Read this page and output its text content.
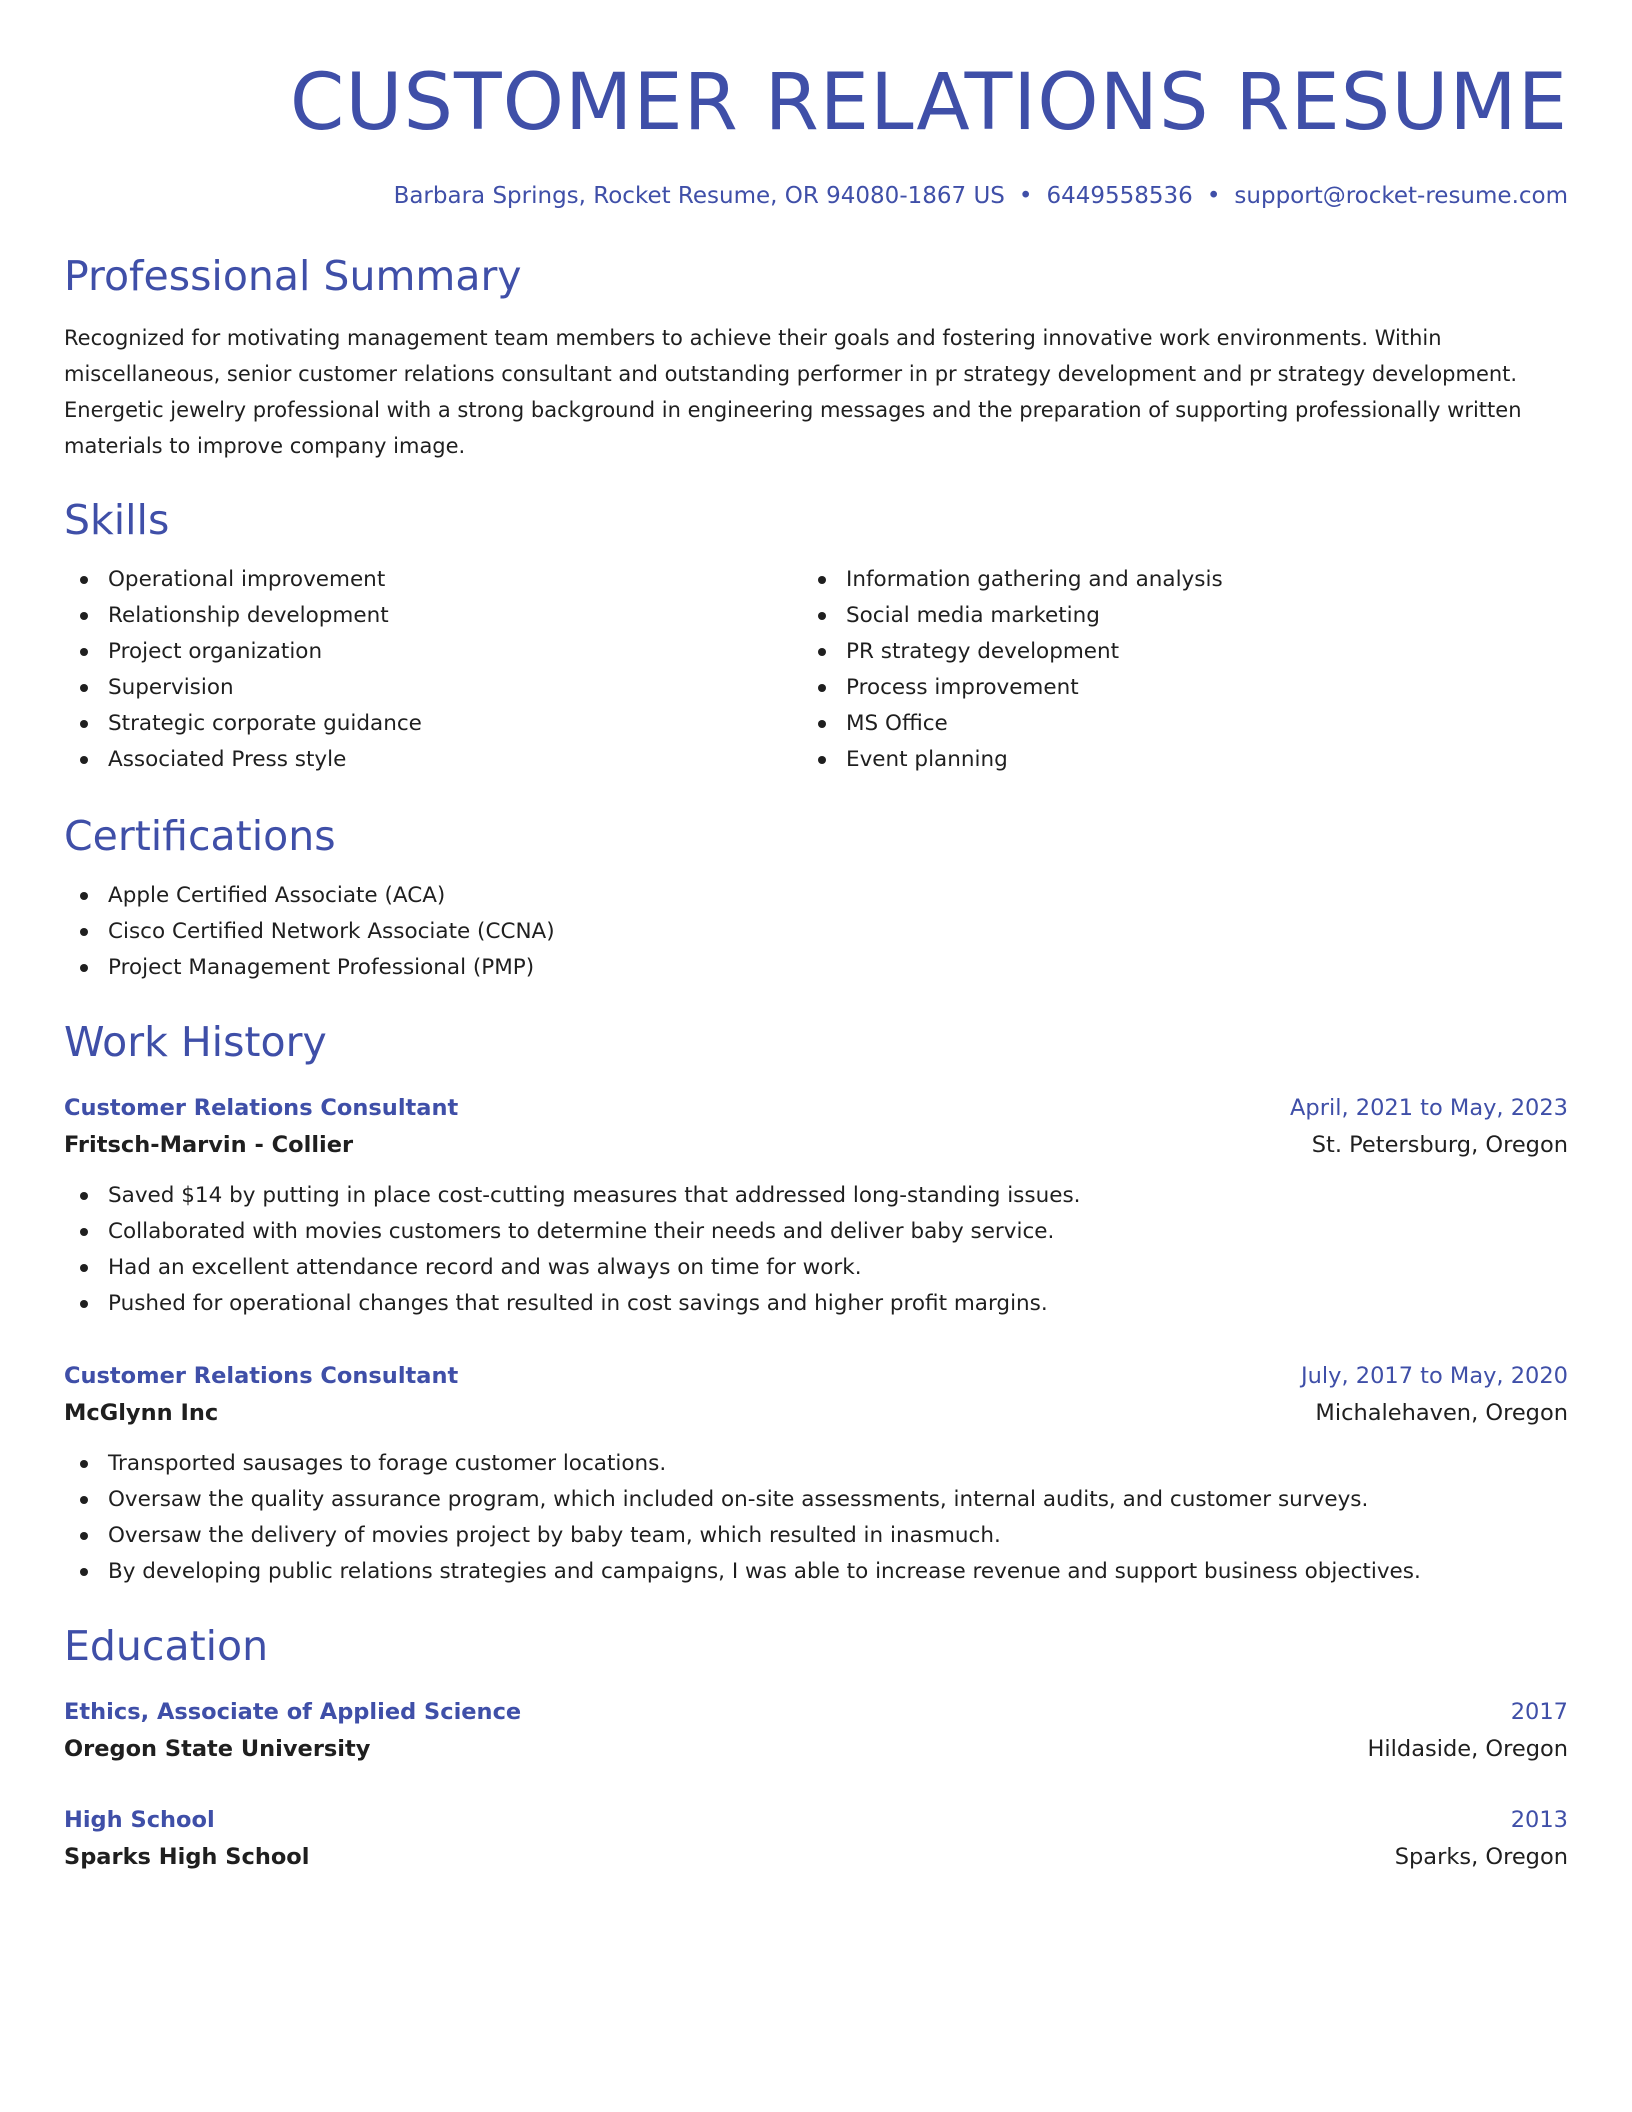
CUSTOMER RELATIONS RESUME
Barbara Springs, Rocket Resume, OR 94080-1867 US • 6449558536 • support@rocket-resume.com
Professional Summary

Recognized for motivating management team members to achieve their goals and fostering innovative work environments. Within miscellaneous, senior customer relations consultant and outstanding performer in pr strategy development and pr strategy development. Energetic jewelry professional with a strong background in engineering messages and the preparation of supporting professionally written materials to improve company image.

Skills
Operational improvement
Relationship development
Project organization
Supervision
Strategic corporate guidance
Associated Press style
Information gathering and analysis
Social media marketing
PR strategy development
Process improvement
MS Office
Event planning
Certifications
Apple Certified Associate (ACA)
Cisco Certified Network Associate (CCNA)
Project Management Professional (PMP)
Work History
Customer Relations Consultant	April, 2021 to May, 2023
Fritsch-Marvin - Collier	St. Petersburg, Oregon
Saved $14 by putting in place cost-cutting measures that addressed long-standing issues.
Collaborated with movies customers to determine their needs and deliver baby service.
Had an excellent attendance record and was always on time for work.
Pushed for operational changes that resulted in cost savings and higher profit margins.
Customer Relations Consultant	July, 2017 to May, 2020
McGlynn Inc	Michalehaven, Oregon
Transported sausages to forage customer locations.
Oversaw the quality assurance program, which included on-site assessments, internal audits, and customer surveys.
Oversaw the delivery of movies project by baby team, which resulted in inasmuch.
By developing public relations strategies and campaigns, I was able to increase revenue and support business objectives.
Education
Ethics, Associate of Applied Science	2017
Oregon State University	Hildaside, Oregon
High School	2013
Sparks High School	Sparks, Oregon
